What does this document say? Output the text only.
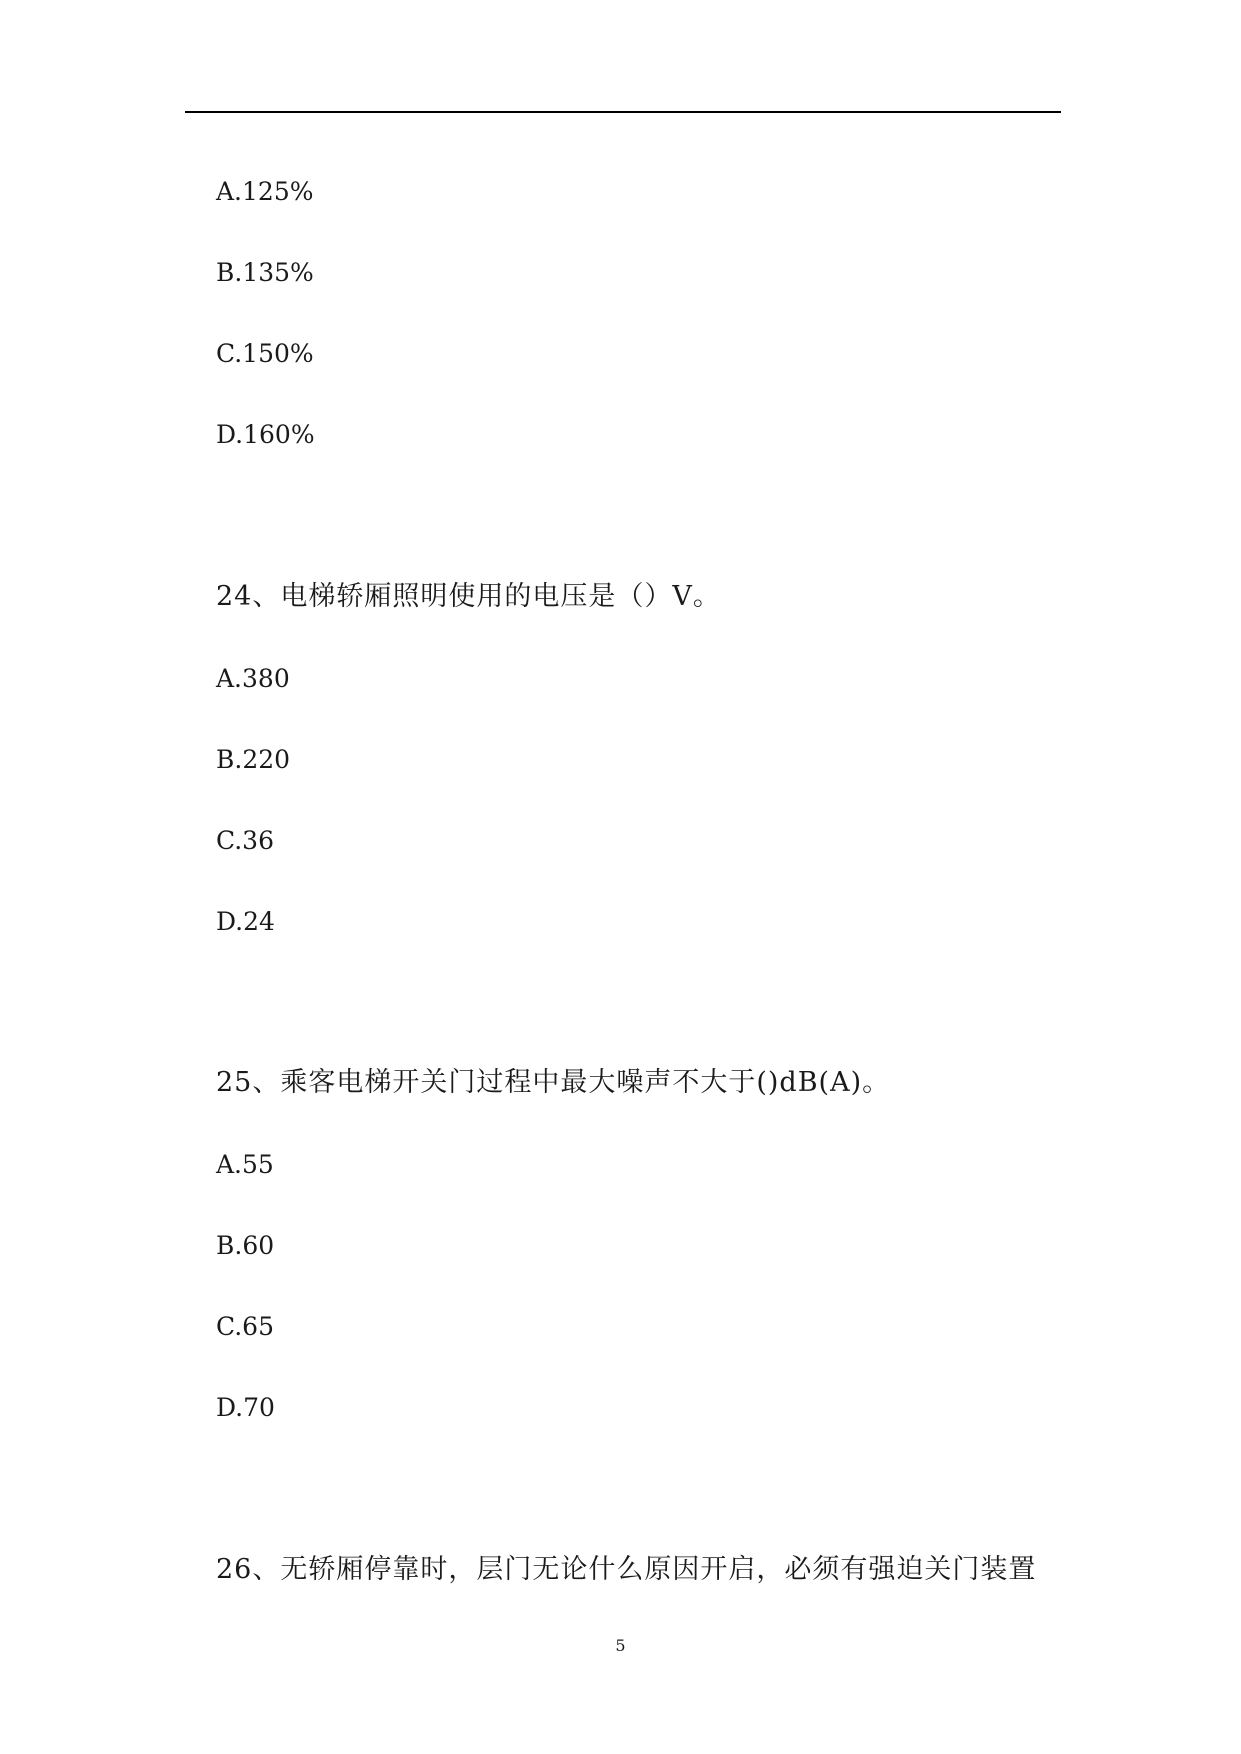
A.125%
B.135%
C.150%
D.160%
24、电梯轿厢照明使用的电压是（）V。
A.380
B.220
C.36
D.24
25、乘客电梯开关门过程中最大噪声不大于()dB(A)。
A.55
B.60
C.65
D.70
26、无轿厢停靠时，层门无论什么原因开启，必须有强迫关门装置
5
